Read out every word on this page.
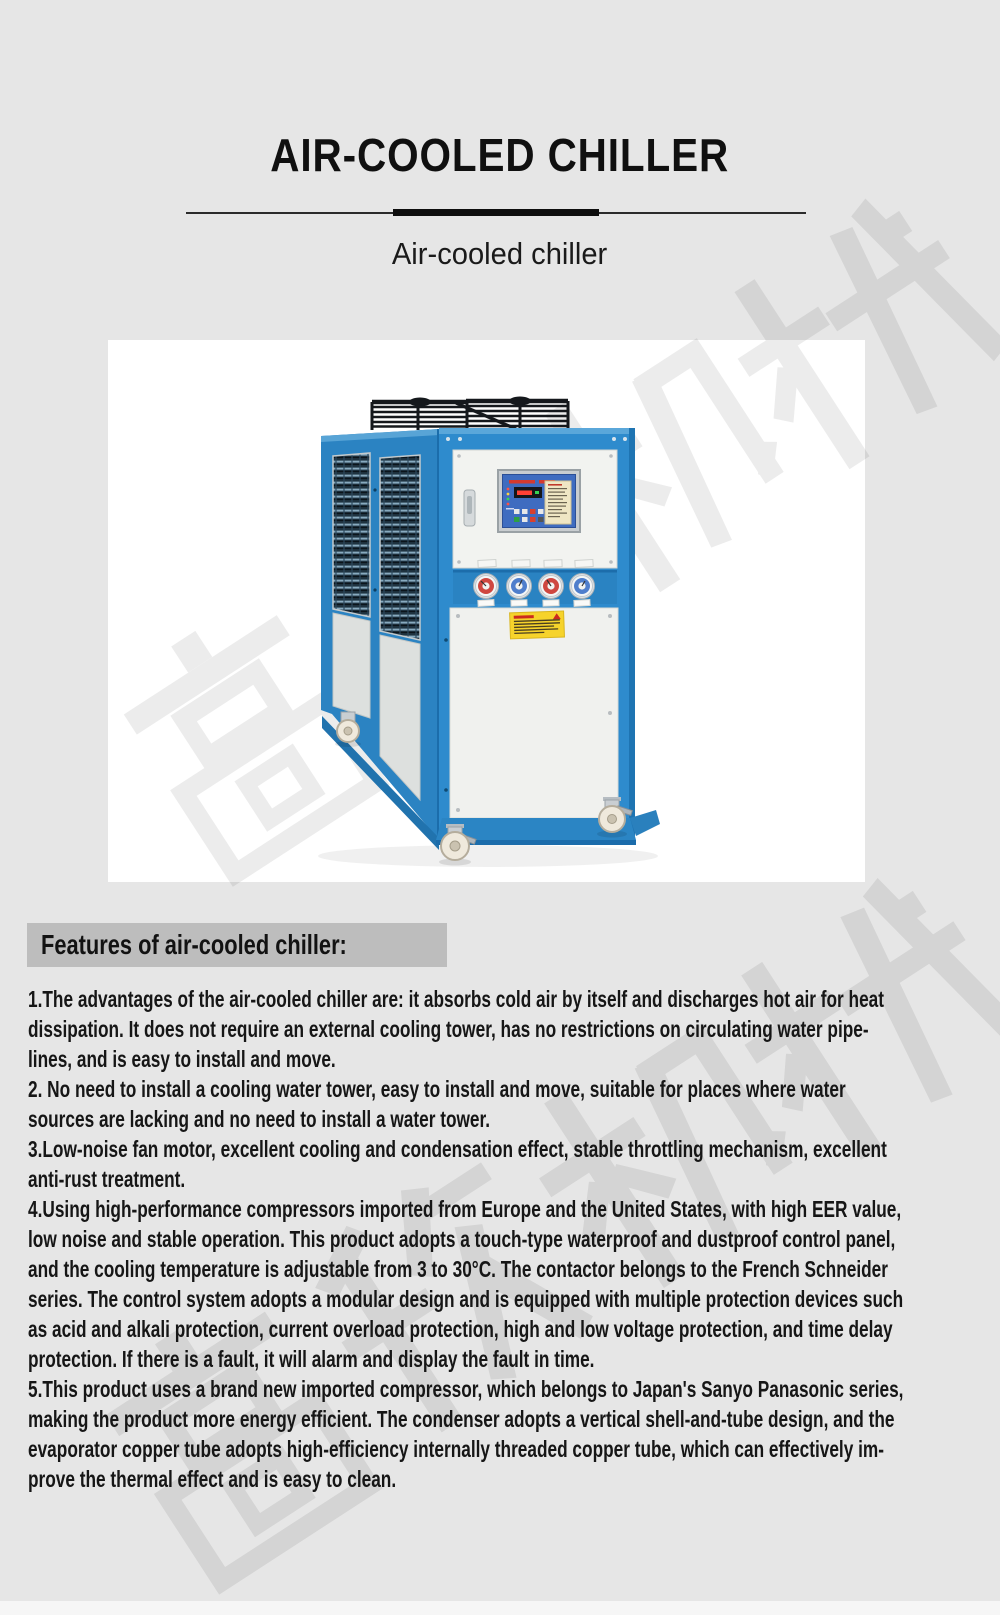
AIR-COOLED CHILLER
Air-cooled chiller
Features of air-cooled chiller:
1.The advantages of the air-cooled chiller are: it absorbs cold air by itself and discharges hot air for heat
dissipation. It does not require an external cooling tower, has no restrictions on circulating water pipe-
lines, and is easy to install and move.
2. No need to install a cooling water tower, easy to install and move, suitable for places where water
sources are lacking and no need to install a water tower.
3.Low-noise fan motor, excellent cooling and condensation effect, stable throttling mechanism, excellent
anti-rust treatment.
4.Using high-performance compressors imported from Europe and the United States, with high EER value,
low noise and stable operation. This product adopts a touch-type waterproof and dustproof control panel,
and the cooling temperature is adjustable from 3 to 30°C. The contactor belongs to the French Schneider
series. The control system adopts a modular design and is equipped with multiple protection devices such
as acid and alkali protection, current overload protection, high and low voltage protection, and time delay
protection. If there is a fault, it will alarm and display the fault in time.
5.This product uses a brand new imported compressor, which belongs to Japan's Sanyo Panasonic series,
making the product more energy efficient. The condenser adopts a vertical shell-and-tube design, and the
evaporator copper tube adopts high-efficiency internally threaded copper tube, which can effectively im-
prove the thermal effect and is easy to clean.
